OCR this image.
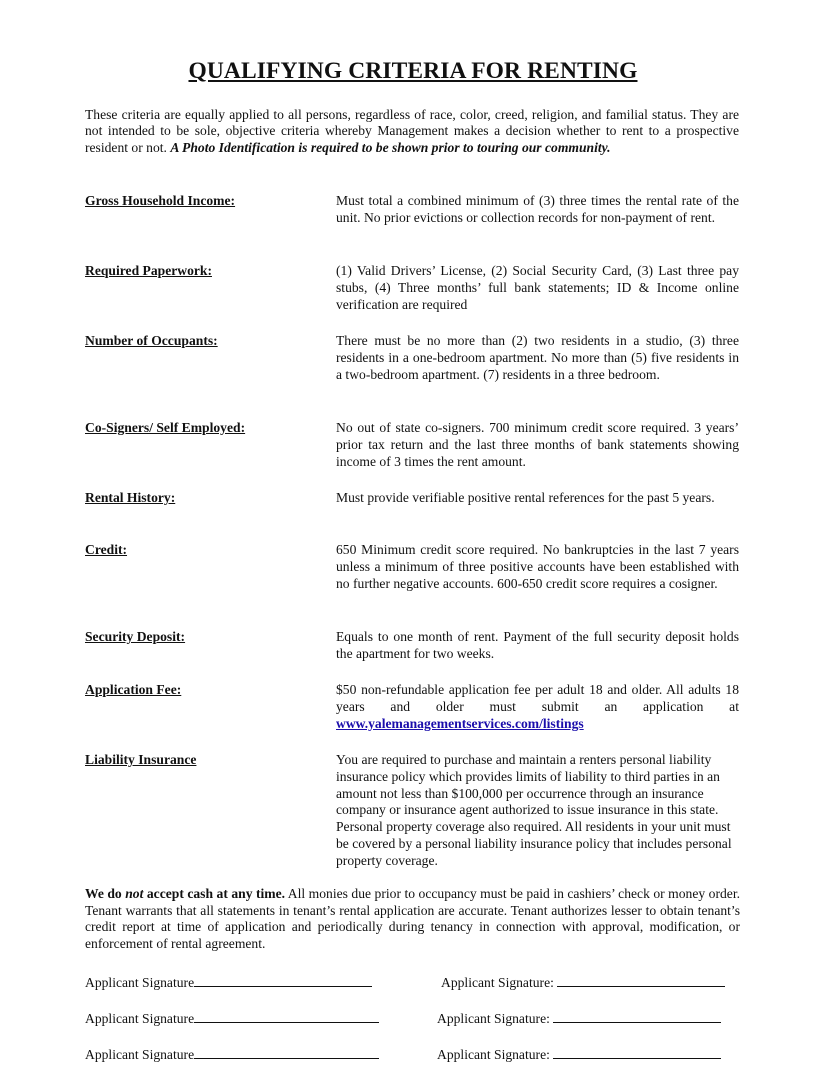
QUALIFYING CRITERIA FOR RENTING
These criteria are equally applied to all persons, regardless of race, color, creed, religion, and familial status. They are not intended to be sole, objective criteria whereby Management makes a decision whether to rent to a prospective resident or not. A Photo Identification is required to be shown prior to touring our community.
Gross Household Income:	Must total a combined minimum of (3) three times the rental rate of the unit. No prior evictions or collection records for non-payment of rent.
Required Paperwork:	(1) Valid Drivers’ License, (2) Social Security Card, (3) Last three pay stubs, (4) Three months’ full bank statements; ID & Income online verification are required
Number of Occupants:	There must be no more than (2) two residents in a studio, (3) three residents in a one-bedroom apartment. No more than (5) five residents in a two-bedroom apartment. (7) residents in a three bedroom.
Co-Signers/ Self Employed:	No out of state co-signers. 700 minimum credit score required. 3 years’ prior tax return and the last three months of bank statements showing income of 3 times the rent amount.
Rental History:	Must provide verifiable positive rental references for the past 5 years.
Credit:	650 Minimum credit score required. No bankruptcies in the last 7 years unless a minimum of three positive accounts have been established with no further negative accounts. 600-650 credit score requires a cosigner.
Security Deposit:	Equals to one month of rent. Payment of the full security deposit holds the apartment for two weeks.
Application Fee:	$50 non-refundable application fee per adult 18 and older. All adults 18 years and older must submit an application at www.yalemanagementservices.com/listings
Liability Insurance	You are required to purchase and maintain a renters personal liability insurance policy which provides limits of liability to third parties in an amount not less than $100,000 per occurrence through an insurance company or insurance agent authorized to issue insurance in this state. Personal property coverage also required. All residents in your unit must be covered by a personal liability insurance policy that includes personal property coverage.
We do not accept cash at any time. All monies due prior to occupancy must be paid in cashiers’ check or money order. Tenant warrants that all statements in tenant’s rental application are accurate. Tenant authorizes lesser to obtain tenant’s credit report at time of application and periodically during tenancy in connection with approval, modification, or enforcement of rental agreement.
Applicant Signature	Applicant Signature:
Applicant Signature	Applicant Signature:
Applicant Signature	Applicant Signature:
